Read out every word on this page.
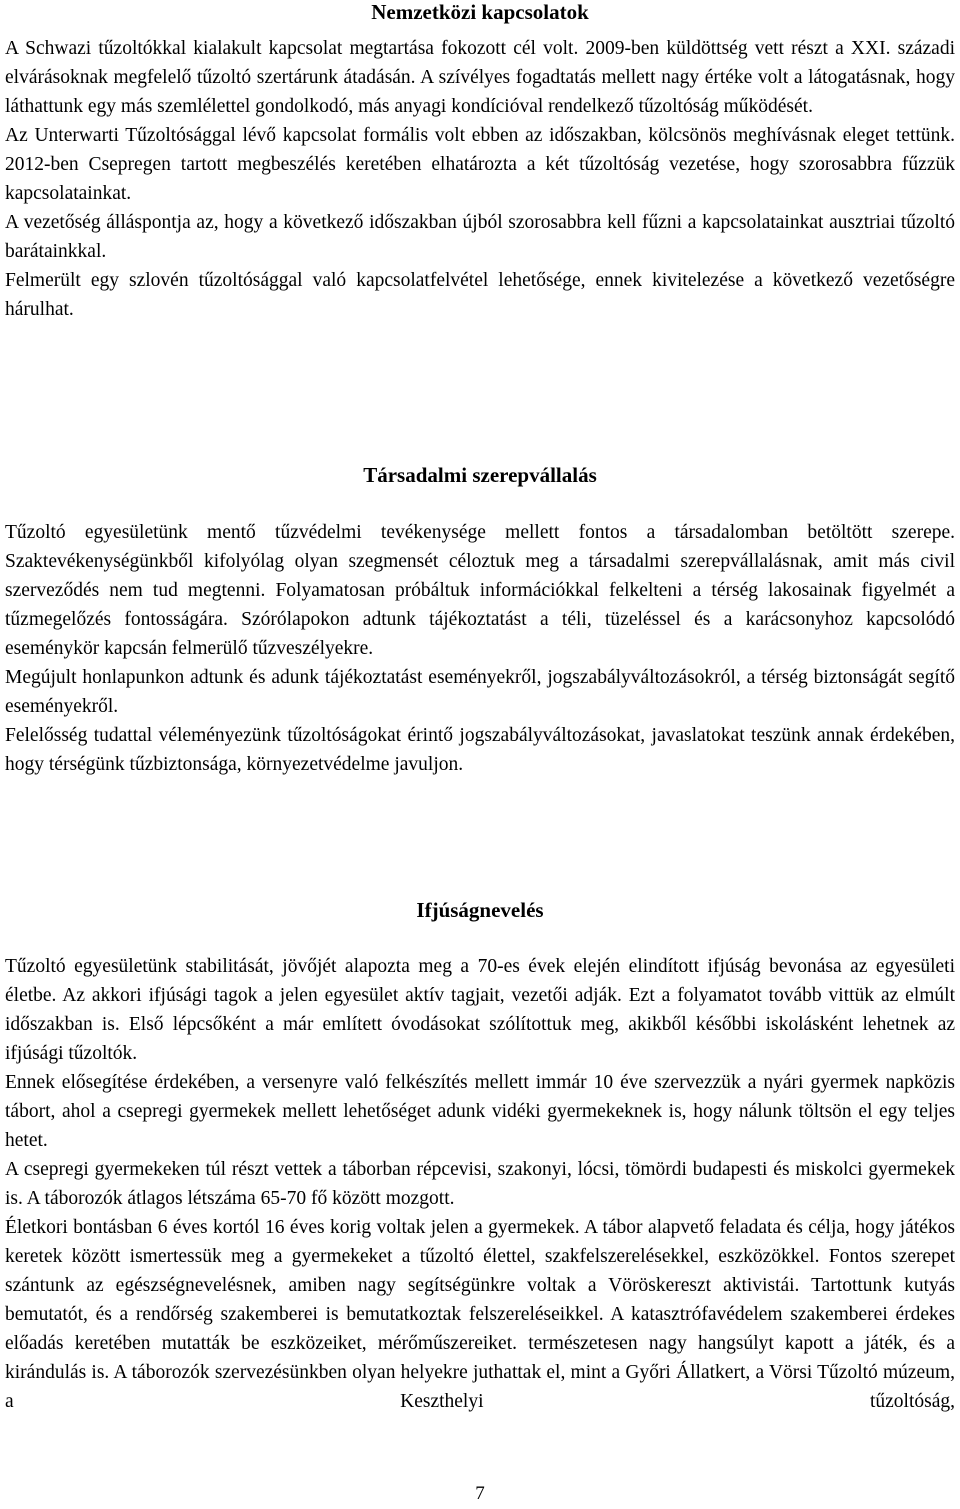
Nemzetközi kapcsolatok

A Schwazi tűzoltókkal kialakult kapcsolat megtartása fokozott cél volt. 2009-ben küldöttség vett részt a XXI. századi elvárásoknak megfelelő tűzoltó szertárunk átadásán. A szívélyes fogadtatás mellett nagy értéke volt a látogatásnak, hogy láthattunk egy más szemlélettel gondolkodó, más anyagi kondícióval rendelkező tűzoltóság működését.

Az Unterwarti Tűzoltósággal lévő kapcsolat formális volt ebben az időszakban, kölcsönös meghívásnak eleget tettünk. 2012-ben Csepregen tartott megbeszélés keretében elhatározta a két tűzoltóság vezetése, hogy szorosabbra fűzzük kapcsolatainkat.

A vezetőség álláspontja az, hogy a következő időszakban újból szorosabbra kell fűzni a kapcsolatainkat ausztriai tűzoltó barátainkkal.

Felmerült egy szlovén tűzoltósággal való kapcsolatfelvétel lehetősége, ennek kivitelezése a következő vezetőségre hárulhat.

Társadalmi szerepvállalás

Tűzoltó egyesületünk mentő tűzvédelmi tevékenysége mellett fontos a társadalomban betöltött szerepe. Szaktevékenységünkből kifolyólag olyan szegmensét céloztuk meg a társadalmi szerepvállalásnak, amit más civil szerveződés nem tud megtenni. Folyamatosan próbáltuk információkkal felkelteni a térség lakosainak figyelmét a tűzmegelőzés fontosságára. Szórólapokon adtunk tájékoztatást a téli, tüzeléssel és a karácsonyhoz kapcsolódó eseménykör kapcsán felmerülő tűzveszélyekre.

Megújult honlapunkon adtunk és adunk tájékoztatást eseményekről, jogszabályváltozásokról, a térség biztonságát segítő eseményekről.

Felelősség tudattal véleményezünk tűzoltóságokat érintő jogszabályváltozásokat, javaslatokat teszünk annak érdekében, hogy térségünk tűzbiztonsága, környezetvédelme javuljon.

Ifjúságnevelés

Tűzoltó egyesületünk stabilitását, jövőjét alapozta meg a 70-es évek elején elindított ifjúság bevonása az egyesületi életbe. Az akkori ifjúsági tagok a jelen egyesület aktív tagjait, vezetői adják. Ezt a folyamatot tovább vittük az elmúlt időszakban is. Első lépcsőként a már említett óvodásokat szólítottuk meg, akikből későbbi iskolásként lehetnek az ifjúsági tűzoltók.

Ennek elősegítése érdekében, a versenyre való felkészítés mellett immár 10 éve szervezzük a nyári gyermek napközis tábort, ahol a csepregi gyermekek mellett lehetőséget adunk vidéki gyermekeknek is, hogy nálunk töltsön el egy teljes hetet.

A csepregi gyermekeken túl részt vettek a táborban répcevisi, szakonyi, lócsi, tömördi budapesti és miskolci gyermekek is. A táborozók átlagos létszáma 65-70 fő között mozgott.

Életkori bontásban 6 éves kortól 16 éves korig voltak jelen a gyermekek. A tábor alapvető feladata és célja, hogy játékos keretek között ismertessük meg a gyermekeket a tűzoltó élettel, szakfelszerelésekkel, eszközökkel. Fontos szerepet szántunk az egészségnevelésnek, amiben nagy segítségünkre voltak a Vöröskereszt aktivistái. Tartottunk kutyás bemutatót, és a rendőrség szakemberei is bemutatkoztak felszereléseikkel. A katasztrófavédelem szakemberei érdekes előadás keretében mutatták be eszközeiket, mérőműszereiket. természetesen nagy hangsúlyt kapott a játék, és a kirándulás is. A táborozók szervezésünkben olyan helyekre juthattak el, mint a Győri Állatkert, a Vörsi Tűzoltó múzeum, a Keszthelyi tűzoltóság,

7
